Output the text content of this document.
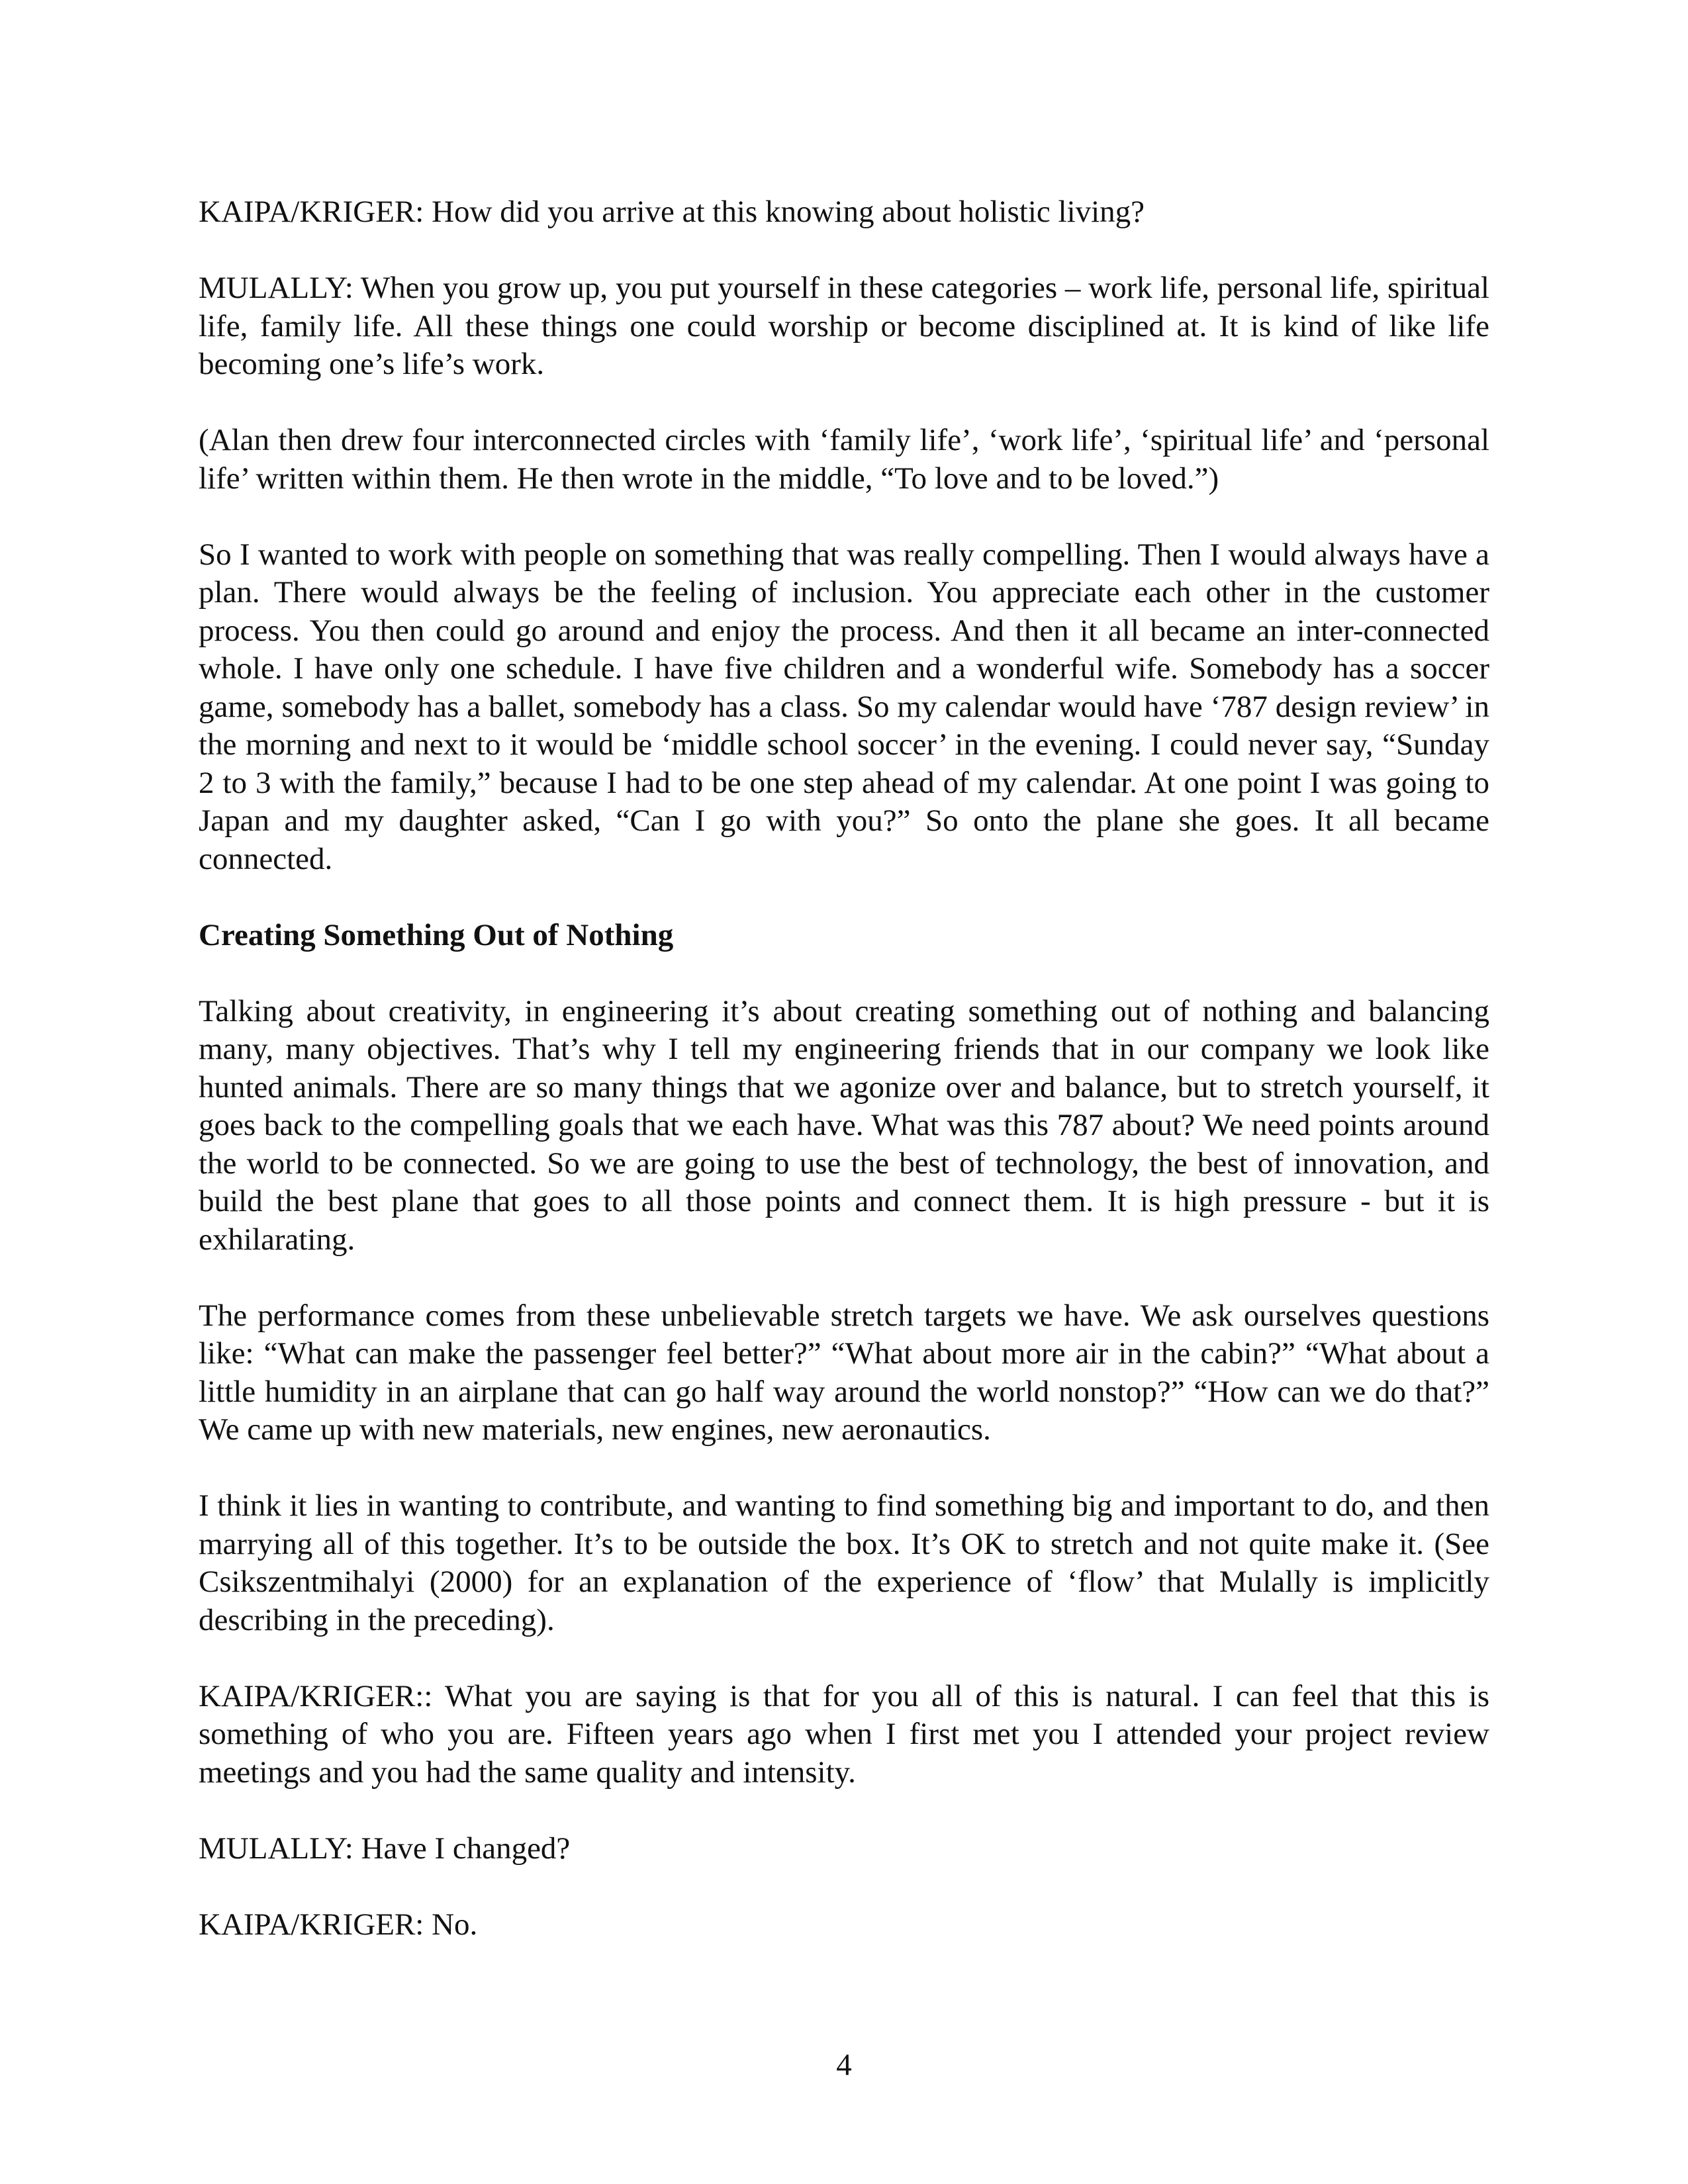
KAIPA/KRIGER: How did you arrive at this knowing about holistic living?

MULALLY: When you grow up, you put yourself in these categories – work life, personal life, spiritual life, family life. All these things one could worship or become disciplined at. It is kind of like life becoming one’s life’s work.

(Alan then drew four interconnected circles with ‘family life’, ‘work life’, ‘spiritual life’ and ‘personal life’ written within them. He then wrote in the middle, “To love and to be loved.”)

So I wanted to work with people on something that was really compelling. Then I would always have a plan. There would always be the feeling of inclusion. You appreciate each other in the customer process. You then could go around and enjoy the process. And then it all became an inter-connected whole. I have only one schedule. I have five children and a wonderful wife. Somebody has a soccer game, somebody has a ballet, somebody has a class. So my calendar would have ‘787 design review’ in the morning and next to it would be ‘middle school soccer’ in the evening. I could never say, “Sunday 2 to 3 with the family,” because I had to be one step ahead of my calendar. At one point I was going to Japan and my daughter asked, “Can I go with you?” So onto the plane she goes. It all became connected.

Creating Something Out of Nothing

Talking about creativity, in engineering it’s about creating something out of nothing and balancing many, many objectives. That’s why I tell my engineering friends that in our company we look like hunted animals. There are so many things that we agonize over and balance, but to stretch yourself, it goes back to the compelling goals that we each have. What was this 787 about? We need points around the world to be connected. So we are going to use the best of technology, the best of innovation, and build the best plane that goes to all those points and connect them. It is high pressure - but it is exhilarating.

The performance comes from these unbelievable stretch targets we have. We ask ourselves questions like: “What can make the passenger feel better?” “What about more air in the cabin?” “What about a little humidity in an airplane that can go half way around the world nonstop?” “How can we do that?” We came up with new materials, new engines, new aeronautics.

I think it lies in wanting to contribute, and wanting to find something big and important to do, and then marrying all of this together. It’s to be outside the box. It’s OK to stretch and not quite make it. (See Csikszentmihalyi (2000) for an explanation of the experience of ‘flow’ that Mulally is implicitly describing in the preceding).

KAIPA/KRIGER:: What you are saying is that for you all of this is natural. I can feel that this is something of who you are. Fifteen years ago when I first met you I attended your project review meetings and you had the same quality and intensity.

MULALLY: Have I changed?

KAIPA/KRIGER: No.

4
